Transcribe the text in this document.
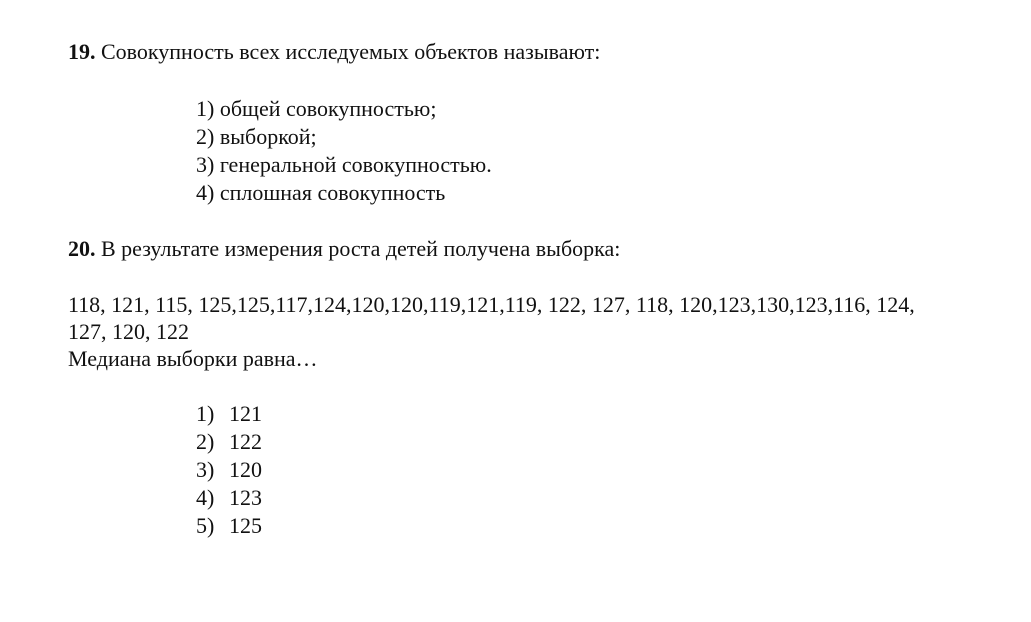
19. Совокупность всех исследуемых объектов называют:
1) общей совокупностью;
2) выборкой;
3) генеральной совокупностью.
4) сплошная совокупность
20. В результате измерения роста детей получена выборка:
118, 121, 115, 125,125,117,124,120,120,119,121,119, 122, 127, 118, 120,123,130,123,116, 124,
127, 120, 122
Медиана выборки равна…
1) 121
2) 122
3) 120
4) 123
5) 125
